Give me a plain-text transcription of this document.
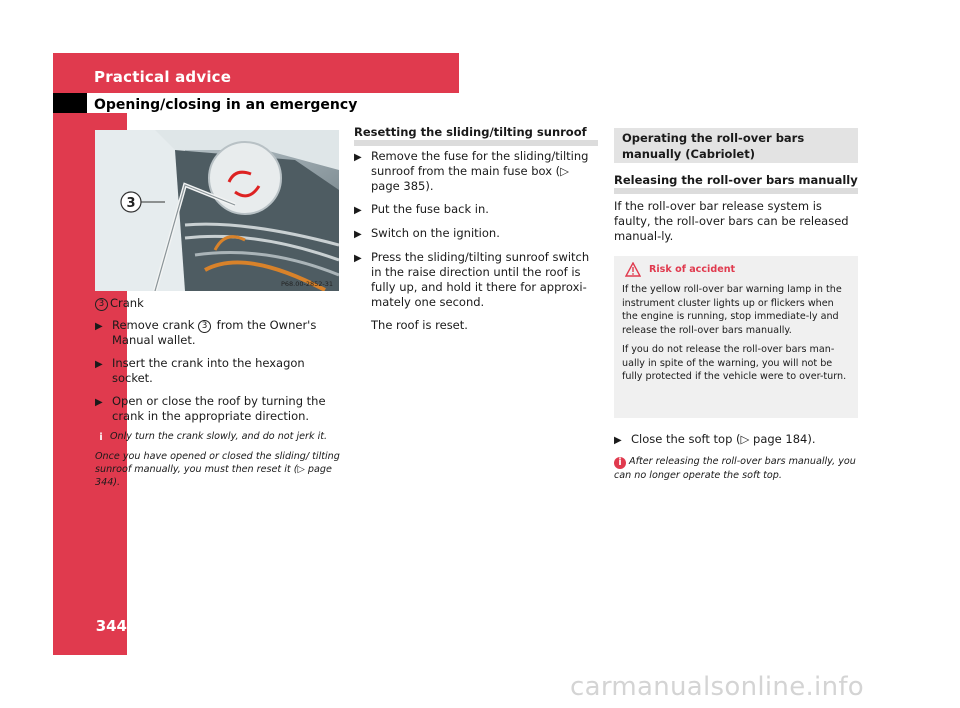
Practical advice
Opening/closing in an emergency
344
3
P68.00-2852-31
3 Crank
▶ Remove crank 3 from the Owner's Manual wallet.
▶ Insert the crank into the hexagon socket.
▶ Open or close the roof by turning the crank in the appropriate direction.

i Only turn the crank slowly, and do not jerk it.

Once you have opened or closed the sliding/ tilting sunroof manually, you must then reset it (▷ page 344).

Resetting the sliding/tilting sunroof
▶ Remove the fuse for the sliding/tilting sunroof from the main fuse box (▷ page 385).
▶ Put the fuse back in.
▶ Switch on the ignition.
▶ Press the sliding/tilting sunroof switch in the raise direction until the roof is fully up, and hold it there for approxi-mately one second.

The roof is reset.

Operating the roll-over bars manually (Cabriolet)
Releasing the roll-over bars manually
If the roll-over bar release system is faulty, the roll-over bars can be released manual-ly.
Risk of accident

If the yellow roll-over bar warning lamp in the instrument cluster lights up or flickers when the engine is running, stop immediate-ly and release the roll-over bars manually.

If you do not release the roll-over bars man-ually in spite of the warning, you will not be fully protected if the vehicle were to over-turn.

▶ Close the soft top (▷ page 184).

i After releasing the roll-over bars manually, you can no longer operate the soft top.

carmanualsonline.info
